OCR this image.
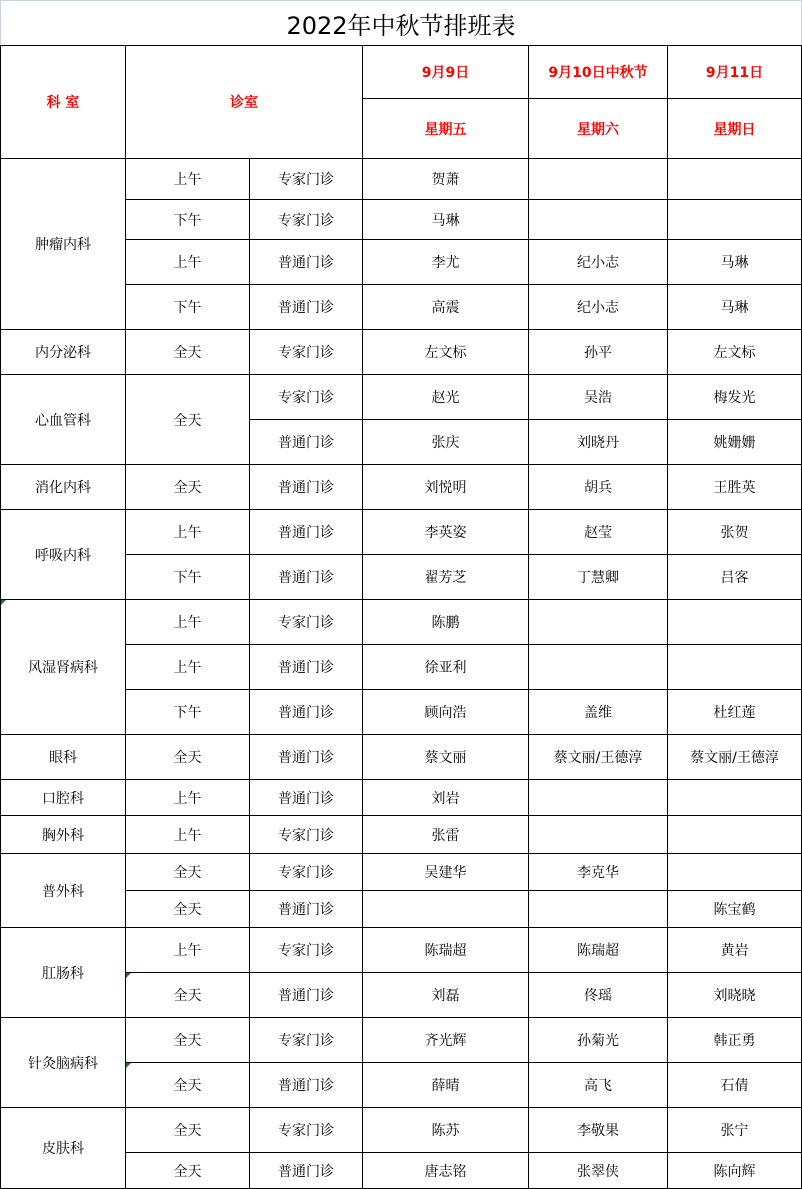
2022年中秋节排班表
科 室	诊室		9月9日	9月10日中秋节	9月11日
			星期五	星期六	星期日
肿瘤内科	上午	专家门诊	贺萧		
	下午	专家门诊	马琳		
	上午	普通门诊	李尤	纪小志	马琳
	下午	普通门诊	高震	纪小志	马琳
内分泌科	全天	专家门诊	左文标	孙平	左文标
心血管科	全天	专家门诊	赵光	吴浩	梅发光
		普通门诊	张庆	刘晓丹	姚姗姗
消化内科	全天	普通门诊	刘悦明	胡兵	王胜英
呼吸内科	上午	普通门诊	李英姿	赵莹	张贺
	下午	普通门诊	翟芳芝	丁慧卿	吕客
风湿肾病科	上午	专家门诊	陈鹏		
	上午	普通门诊	徐亚利		
	下午	普通门诊	顾向浩	盖维	杜红莲
眼科	全天	普通门诊	蔡文丽	蔡文丽/王德淳	蔡文丽/王德淳
口腔科	上午	普通门诊	刘岩		
胸外科	上午	专家门诊	张雷		
普外科	全天	专家门诊	吴建华	李克华	
	全天	普通门诊			陈宝鹤
肛肠科	上午	专家门诊	陈瑞超	陈瑞超	黄岩
	全天	普通门诊	刘磊	佟瑶	刘晓晓
针灸脑病科	全天	专家门诊	齐光辉	孙菊光	韩正勇
	全天	普通门诊	薛晴	高飞	石倩
皮肤科	全天	专家门诊	陈苏	李敬果	张宁
	全天	普通门诊	唐志铭	张翠侠	陈向辉
